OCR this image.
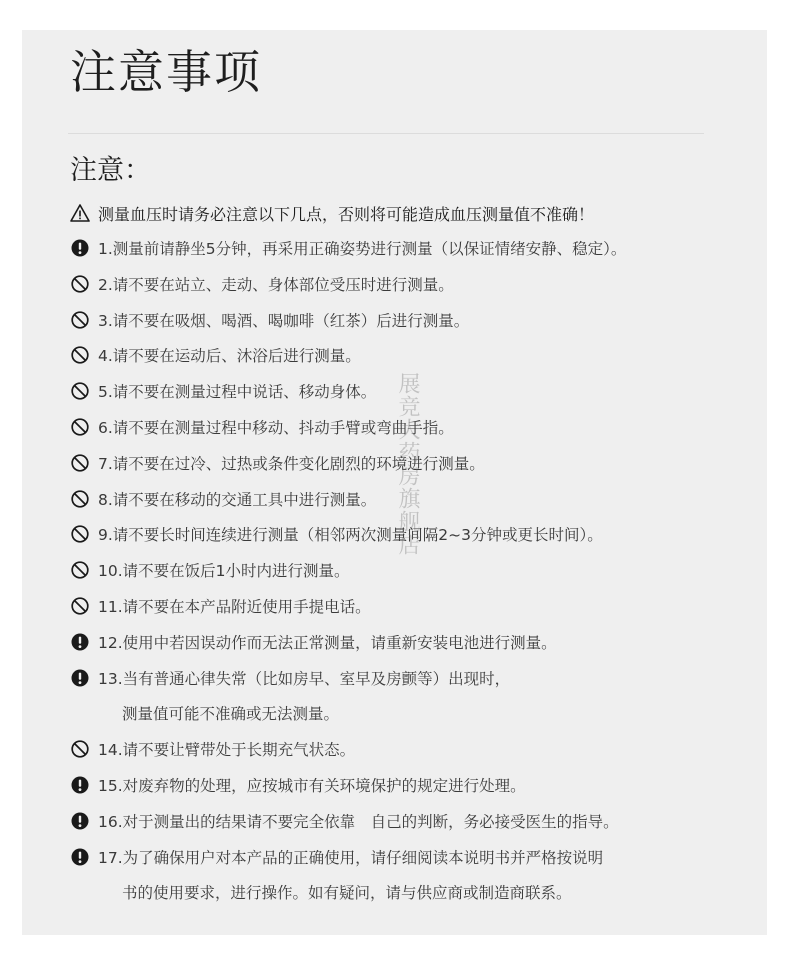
注意事项
注意：
测量血压时请务必注意以下几点，否则将可能造成血压测量值不准确！
1.测量前请静坐5分钟，再采用正确姿势进行测量（以保证情绪安静、稳定）。
2.请不要在站立、走动、身体部位受压时进行测量。
3.请不要在吸烟、喝酒、喝咖啡（红茶）后进行测量。
4.请不要在运动后、沐浴后进行测量。
5.请不要在测量过程中说话、移动身体。
6.请不要在测量过程中移动、抖动手臂或弯曲手指。
7.请不要在过冷、过热或条件变化剧烈的环境进行测量。
8.请不要在移动的交通工具中进行测量。
9.请不要长时间连续进行测量（相邻两次测量间隔2~3分钟或更长时间）。
10.请不要在饭后1小时内进行测量。
11.请不要在本产品附近使用手提电话。
12.使用中若因误动作而无法正常测量，请重新安装电池进行测量。
13.当有普通心律失常（比如房早、室早及房颤等）出现时，
测量值可能不准确或无法测量。
14.请不要让臂带处于长期充气状态。
15.对废弃物的处理，应按城市有关环境保护的规定进行处理。
16.对于测量出的结果请不要完全依靠　自己的判断，务必接受医生的指导。
17.为了确保用户对本产品的正确使用，请仔细阅读本说明书并严格按说明
书的使用要求，进行操作。如有疑问，请与供应商或制造商联系。
展竞大药房旗舰店
